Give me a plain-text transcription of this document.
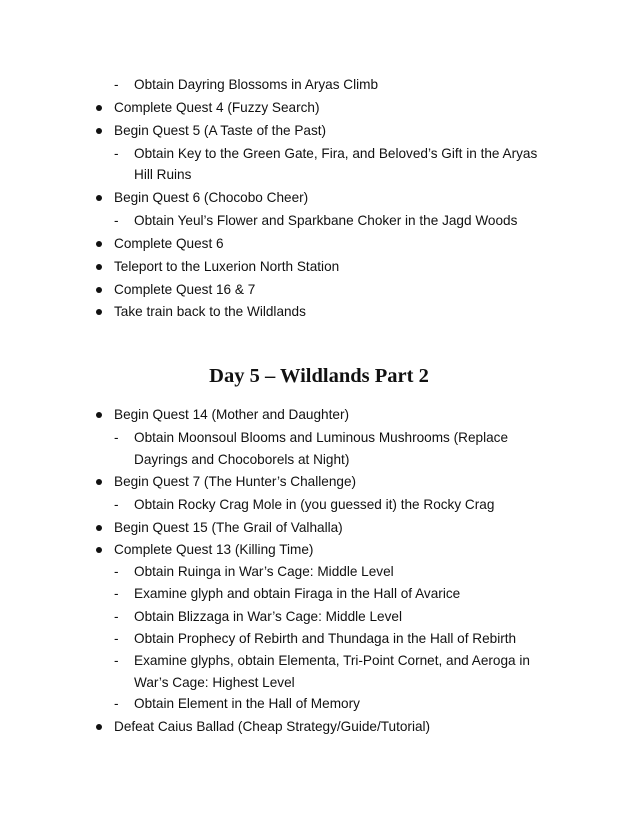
- Obtain Dayring Blossoms in Aryas Climb
Complete Quest 4 (Fuzzy Search)
Begin Quest 5 (A Taste of the Past)
- Obtain Key to the Green Gate, Fira, and Beloved’s Gift in the Aryas
Hill Ruins
Begin Quest 6 (Chocobo Cheer)
- Obtain Yeul’s Flower and Sparkbane Choker in the Jagd Woods
Complete Quest 6
Teleport to the Luxerion North Station
Complete Quest 16 & 7
Take train back to the Wildlands
Day 5 – Wildlands Part 2
Begin Quest 14 (Mother and Daughter)
- Obtain Moonsoul Blooms and Luminous Mushrooms (Replace
Dayrings and Chocoborels at Night)
Begin Quest 7 (The Hunter’s Challenge)
- Obtain Rocky Crag Mole in (you guessed it) the Rocky Crag
Begin Quest 15 (The Grail of Valhalla)
Complete Quest 13 (Killing Time)
- Obtain Ruinga in War’s Cage: Middle Level
- Examine glyph and obtain Firaga in the Hall of Avarice
- Obtain Blizzaga in War’s Cage: Middle Level
- Obtain Prophecy of Rebirth and Thundaga in the Hall of Rebirth
- Examine glyphs, obtain Elementa, Tri-Point Cornet, and Aeroga in
War’s Cage: Highest Level
- Obtain Element in the Hall of Memory
Defeat Caius Ballad (Cheap Strategy/Guide/Tutorial)
